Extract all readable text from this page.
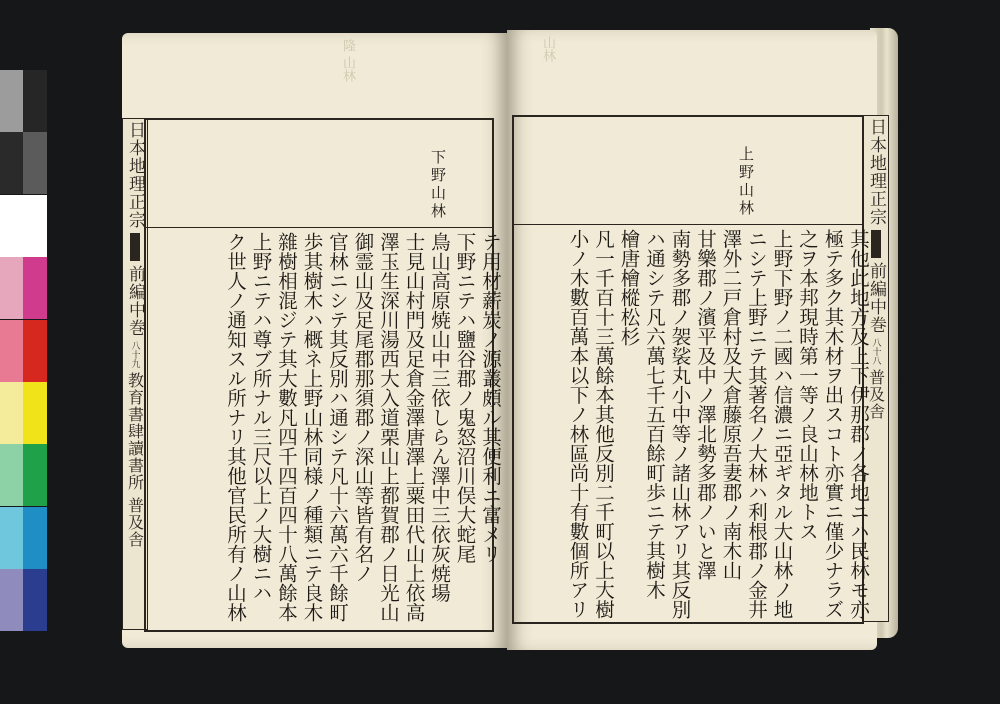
日本地理正宗
前編中巻
八十九
教育書肆讀書所 普及舎
隆 山林
下野山林
テ用材薪炭ノ源叢頗ル其便利ニ富メリ
下野ニテハ鹽谷郡ノ鬼怒沼川俣大蛇尾
鳥山高原焼山中三依しらん澤中三依灰焼場
士見山村門及足倉金澤唐澤上粟田代山上依高
澤玉生深川湯西大入道栗山上都賀郡ノ日光山
御霊山及足尾郡那須郡ノ深山等皆有名ノ
官林ニシテ其反別ハ通シテ凡十六萬六千餘町
歩其樹木ハ概ネ上野山林同様ノ種類ニテ良木
雜樹相混ジテ其大數凡四千四百四十八萬餘本
上野ニテハ尊ブ所ナル三尺以上ノ大樹ニハ
ク世人ノ通知スル所ナリ其他官民所有ノ山林
日本地理正宗
前編中巻
八十八
普及舎
山林
上野山林
其他此地方及上下伊那郡ノ各地ニハ民林モ亦
極テ多ク其木材ヲ出スコト亦實ニ僅少ナラズ
之ヲ本邦現時第一等ノ良山林地トス
上野下野ノ二國ハ信濃ニ亞ギタル大山林ノ地
ニシテ上野ニテ其著名ノ大林ハ利根郡ノ金井
澤外二戸倉村及大倉藤原吾妻郡ノ南木山
甘樂郡ノ濱平及中ノ澤北勢多郡ノいと澤
南勢多郡ノ袈裟丸小中等ノ諸山林アリ其反別
ハ通シテ凡六萬七千五百餘町歩ニテ其樹木
檜唐檜樅松杉
凡一千百十三萬餘本其他反別二千町以上大樹
小ノ木數百萬本以下ノ林區尚十有數個所アリ
